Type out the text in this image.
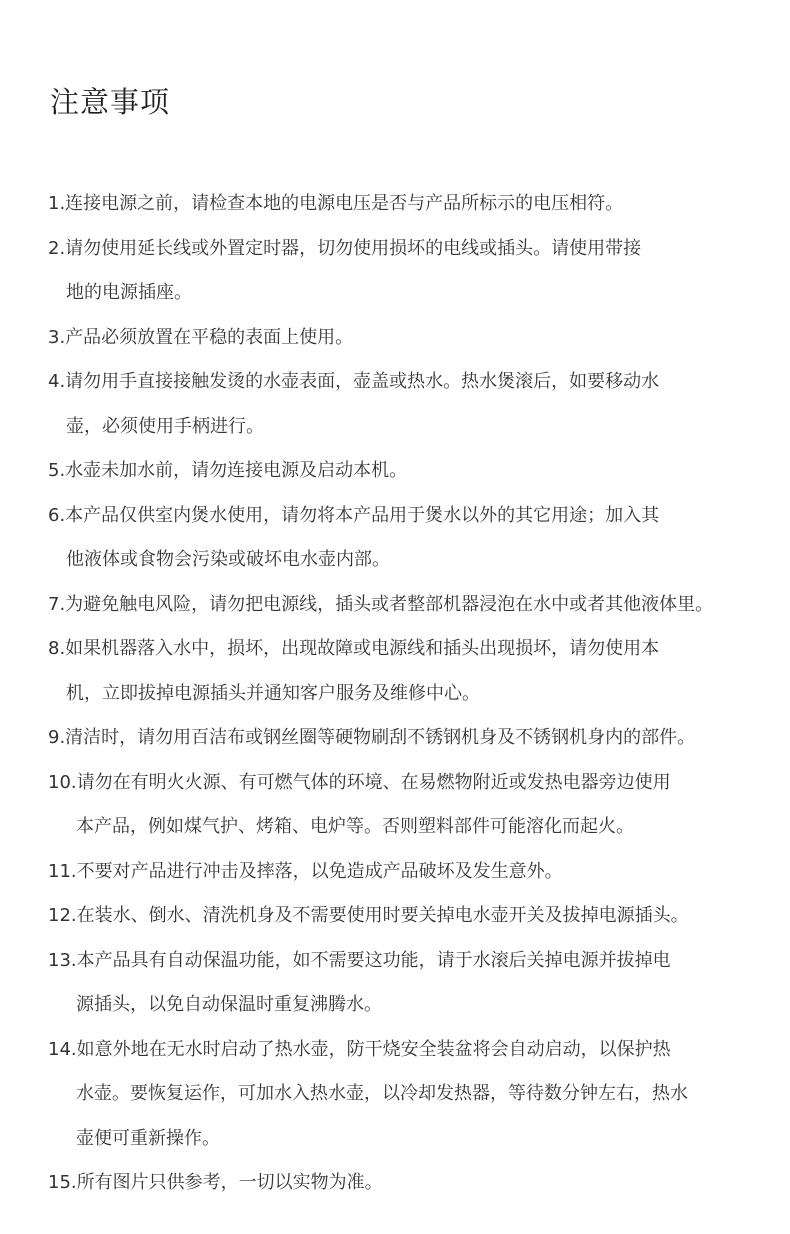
注意事项
1.连接电源之前，请检查本地的电源电压是否与产品所标示的电压相符。
2.请勿使用延长线或外置定时器，切勿使用损坏的电线或插头。请使用带接
地的电源插座。
3.产品必须放置在平稳的表面上使用。
4.请勿用手直接接触发烫的水壶表面，壶盖或热水。热水煲滚后，如要移动水
壶，必须使用手柄进行。
5.水壶未加水前，请勿连接电源及启动本机。
6.本产品仅供室内煲水使用，请勿将本产品用于煲水以外的其它用途；加入其
他液体或食物会污染或破坏电水壶内部。
7.为避免触电风险，请勿把电源线，插头或者整部机器浸泡在水中或者其他液体里。
8.如果机器落入水中，损坏，出现故障或电源线和插头出现损坏，请勿使用本
机，立即拔掉电源插头并通知客户服务及维修中心。
9.清洁时，请勿用百洁布或钢丝圈等硬物刷刮不锈钢机身及不锈钢机身内的部件。
10.请勿在有明火火源、有可燃气体的环境、在易燃物附近或发热电器旁边使用
本产品，例如煤气护、烤箱、电炉等。否则塑料部件可能溶化而起火。
11.不要对产品进行冲击及摔落，以免造成产品破坏及发生意外。
12.在装水、倒水、清洗机身及不需要使用时要关掉电水壶开关及拔掉电源插头。
13.本产品具有自动保温功能，如不需要这功能，请于水滚后关掉电源并拔掉电
源插头，以免自动保温时重复沸腾水。
14.如意外地在无水时启动了热水壶，防干烧安全装盆将会自动启动，以保护热
水壶。要恢复运作，可加水入热水壶，以冷却发热器，等待数分钟左右，热水
壶便可重新操作。
15.所有图片只供参考，一切以实物为准。
